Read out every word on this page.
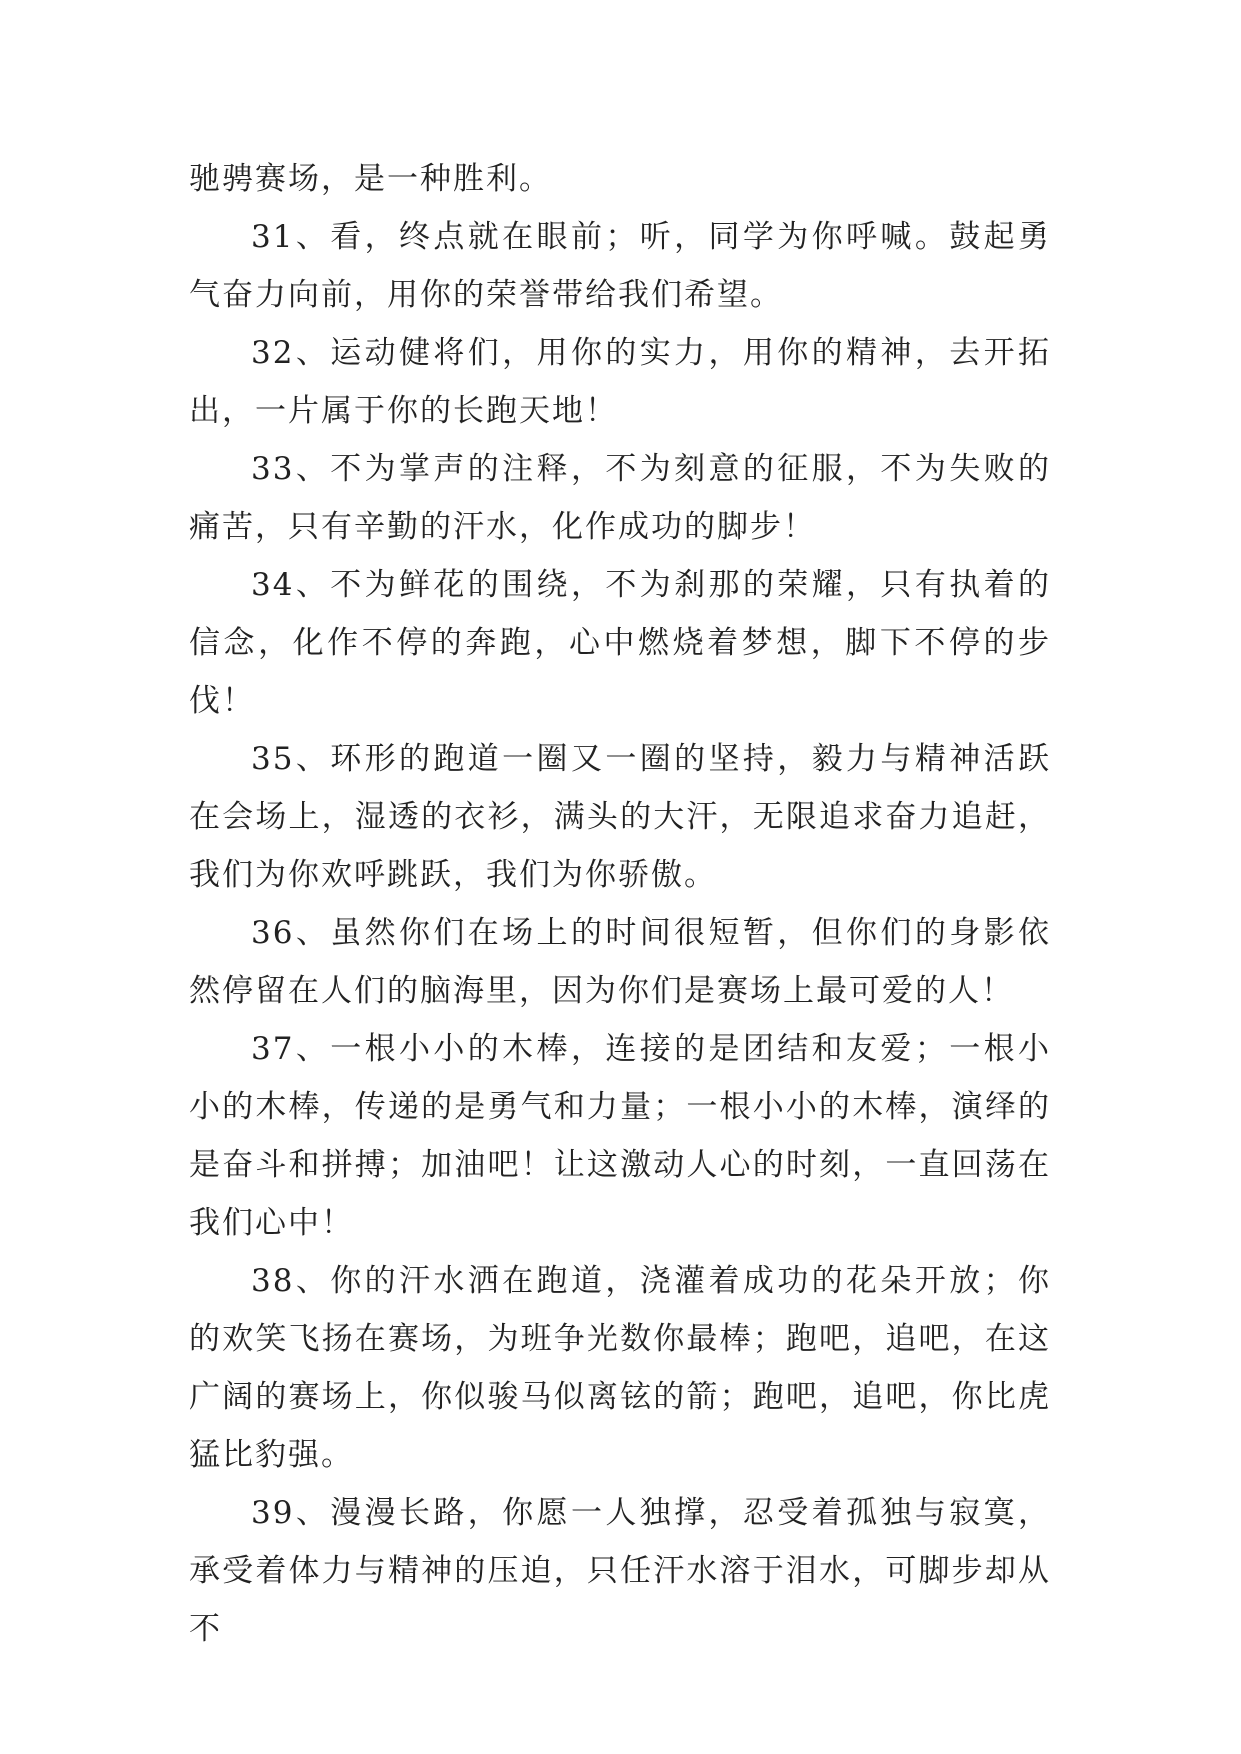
驰骋赛场，是一种胜利。

31、看，终点就在眼前；听，同学为你呼喊。鼓起勇气奋力向前，用你的荣誉带给我们希望。

32、运动健将们，用你的实力，用你的精神，去开拓出，一片属于你的长跑天地！

33、不为掌声的注释，不为刻意的征服，不为失败的痛苦，只有辛勤的汗水，化作成功的脚步！

34、不为鲜花的围绕，不为刹那的荣耀，只有执着的信念，化作不停的奔跑，心中燃烧着梦想，脚下不停的步伐！

35、环形的跑道一圈又一圈的坚持，毅力与精神活跃在会场上，湿透的衣衫，满头的大汗，无限追求奋力追赶，我们为你欢呼跳跃，我们为你骄傲。

36、虽然你们在场上的时间很短暂，但你们的身影依然停留在人们的脑海里，因为你们是赛场上最可爱的人！

37、一根小小的木棒，连接的是团结和友爱；一根小小的木棒，传递的是勇气和力量；一根小小的木棒，演绎的是奋斗和拼搏；加油吧！让这激动人心的时刻，一直回荡在我们心中！

38、你的汗水洒在跑道，浇灌着成功的花朵开放；你的欢笑飞扬在赛场，为班争光数你最棒；跑吧，追吧，在这广阔的赛场上，你似骏马似离铉的箭；跑吧，追吧，你比虎猛比豹强。

39、漫漫长路，你愿一人独撑，忍受着孤独与寂寞，承受着体力与精神的压迫，只任汗水溶于泪水，可脚步却从不
